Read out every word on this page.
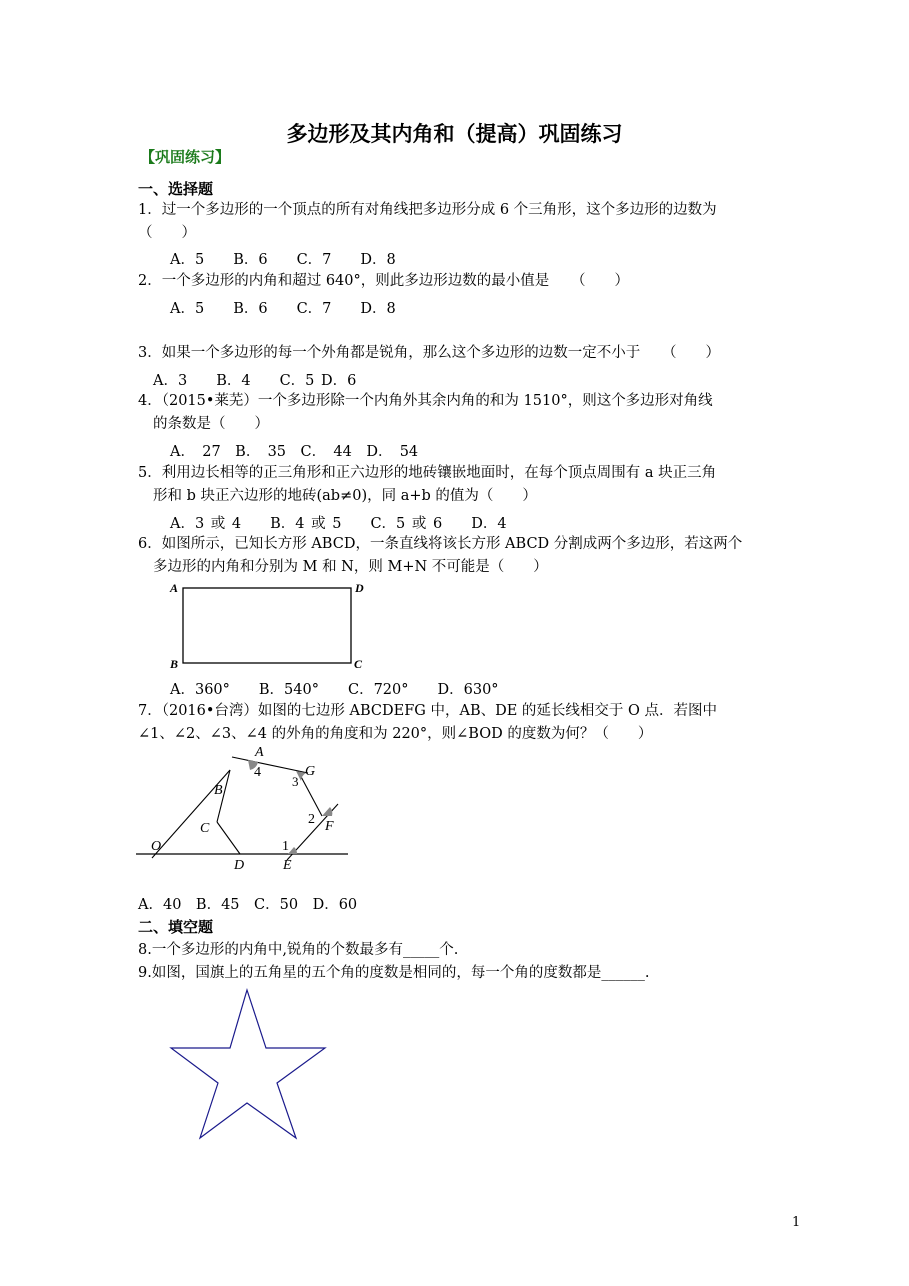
多边形及其内角和（提高）巩固练习
【巩固练习】
一、选择题
1．过一个多边形的一个顶点的所有对角线把多边形分成 6 个三角形，这个多边形的边数为
（　　）
A．5　　B．6　　C．7　　D．8
2．一个多边形的内角和超过 640°，则此多边形边数的最小值是　　（　　）
A．5　　B．6　　C．7　　D．8
3．如果一个多边形的每一个外角都是锐角，那么这个多边形的边数一定不小于　　（　　）
A．3　　B．4　　C．5 D．6
4．（2015•莱芜）一个多边形除一个内角外其余内角的和为 1510°，则这个多边形对角线
的条数是（　　）
A．　27　B．　35　C．　44　D．　54
5．利用边长相等的正三角形和正六边形的地砖镶嵌地面时，在每个顶点周围有 a 块正三角
形和 b 块正六边形的地砖(ab≠0)，同 a+b 的值为（　　）
A．3 或 4　　B．4 或 5　　C．5 或 6　　D．4
6．如图所示，已知长方形 ABCD，一条直线将该长方形 ABCD 分割成两个多边形，若这两个
多边形的内角和分别为 M 和 N，则 M+N 不可能是（　　）
A	D
B	C
A．360°　　B．540°　　C．720°　　D．630°
7．（2016•台湾）如图的七边形 ABCDEFG 中，AB、DE 的延长线相交于 O 点．若图中
∠1、∠2、∠3、∠4 的外角的角度和为 220°，则∠BOD 的度数为何？（　　）
A
4	G
3
B
C
2 F
1
O
D	E
A．40　B．45　C．50　D．60
二、填空题
8.一个多边形的内角中,锐角的个数最多有_____个.
9.如图，国旗上的五角星的五个角的度数是相同的，每一个角的度数都是______.
1
